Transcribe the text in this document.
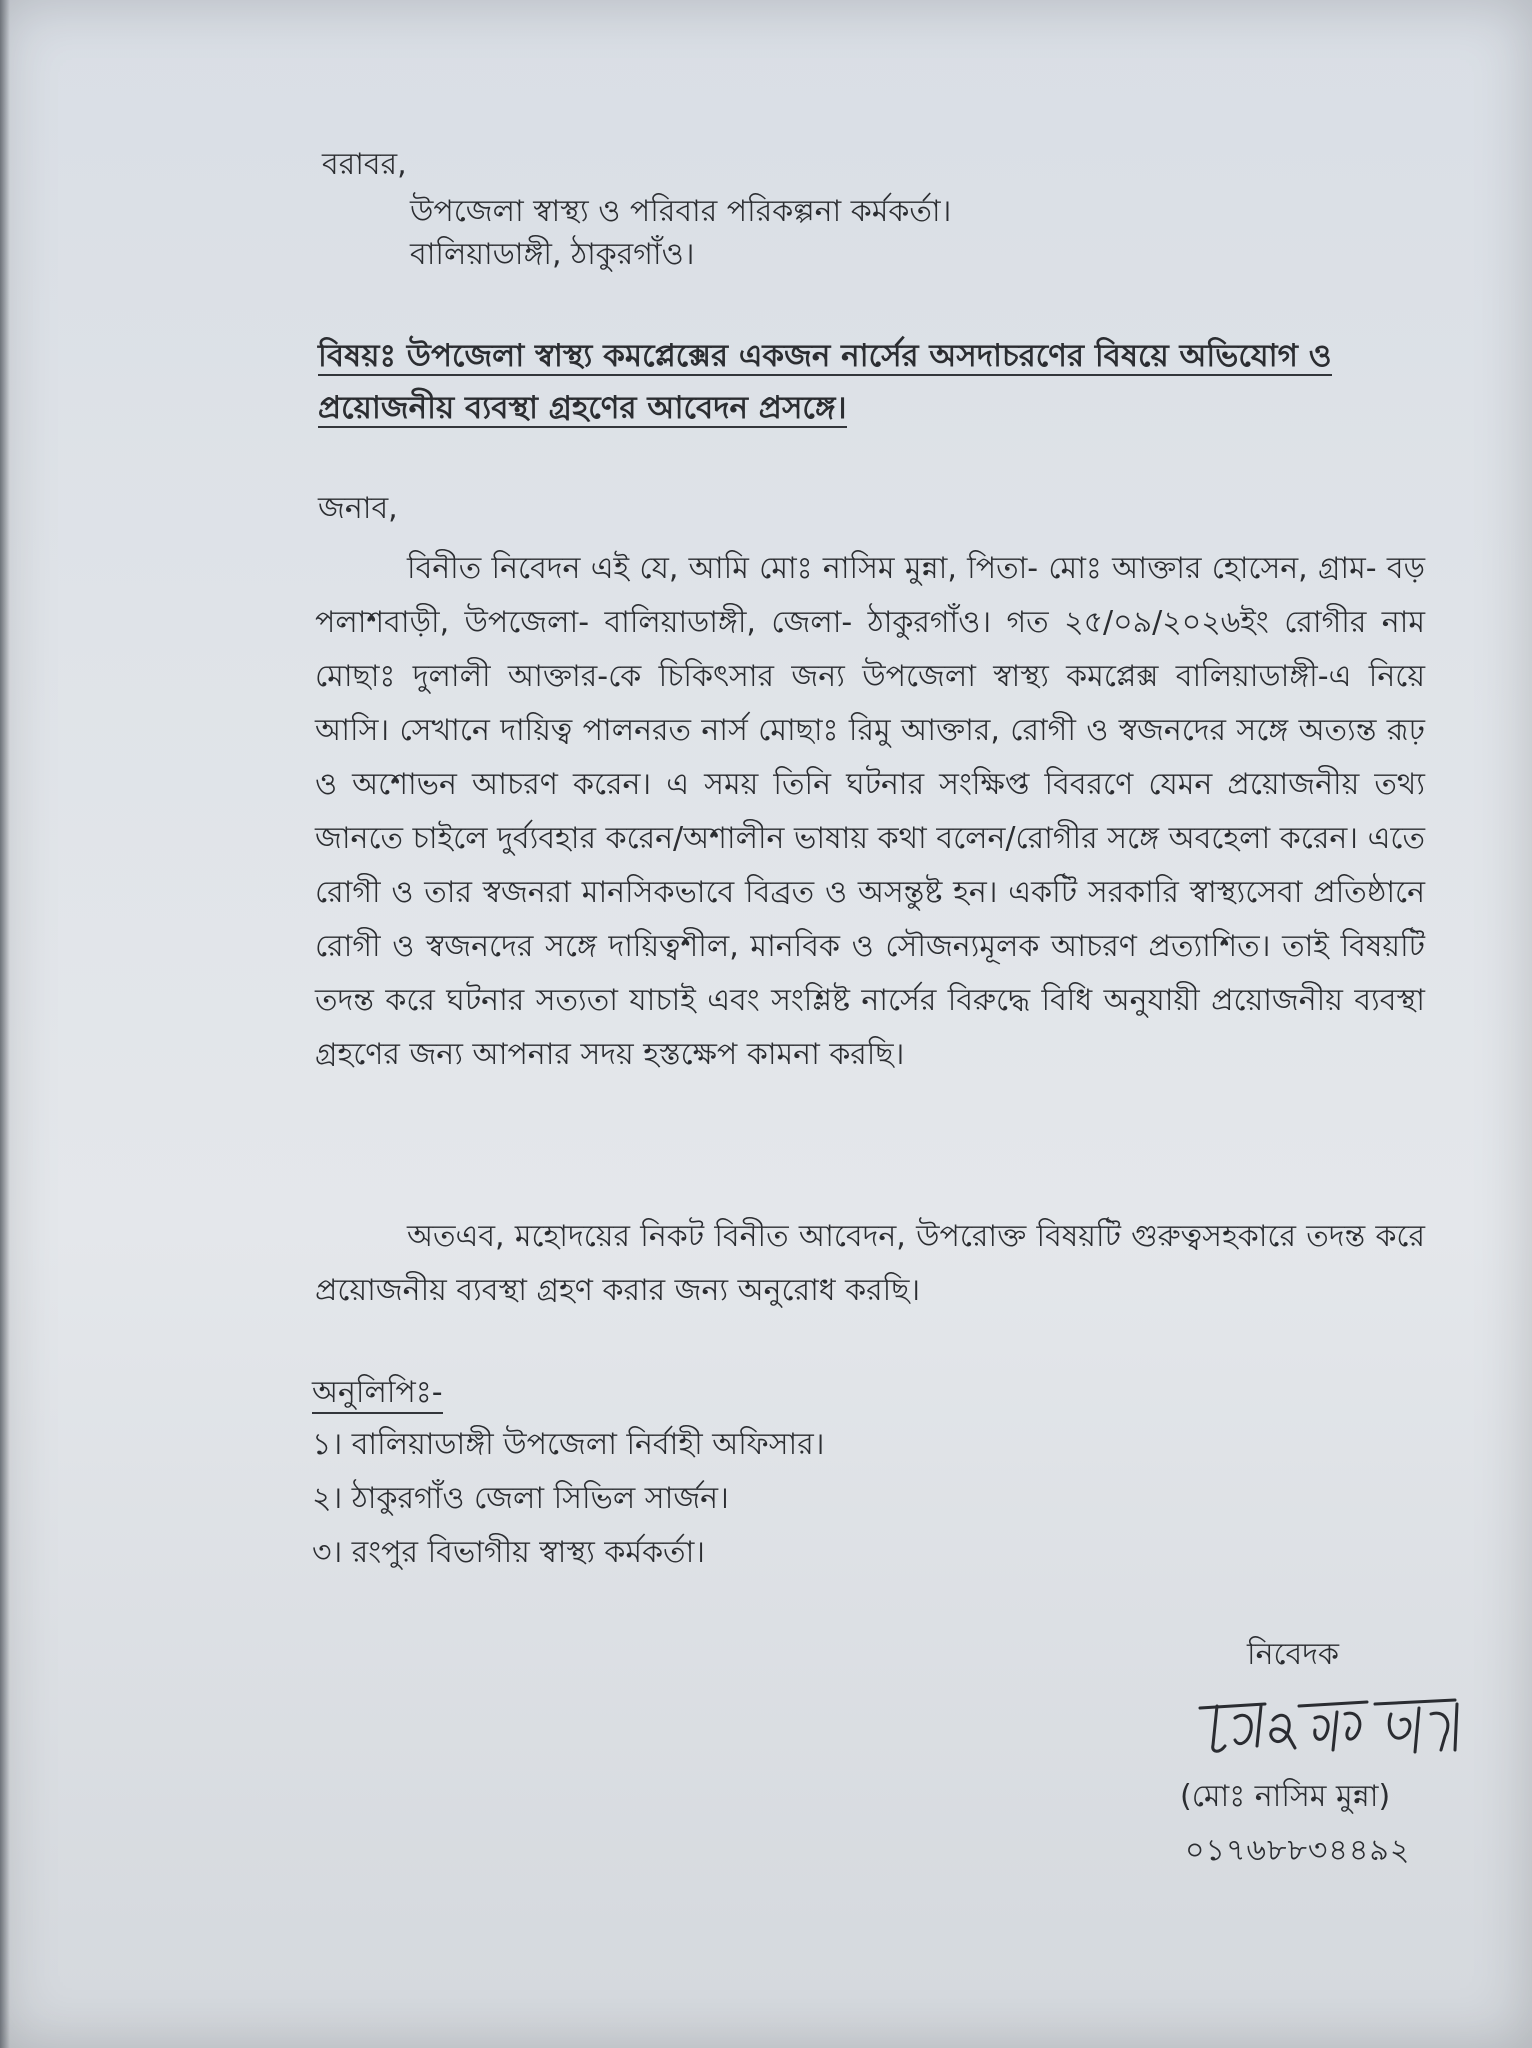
বরাবর,
উপজেলা স্বাস্থ্য ও পরিবার পরিকল্পনা কর্মকর্তা।
বালিয়াডাঙ্গী, ঠাকুরগাঁও।
বিষয়ঃ উপজেলা স্বাস্থ্য কমপ্লেক্সের একজন নার্সের অসদাচরণের বিষয়ে অভিযোগ ও
প্রয়োজনীয় ব্যবস্থা গ্রহণের আবেদন প্রসঙ্গে।
জনাব,
বিনীত নিবেদন এই যে, আমি মোঃ নাসিম মুন্না, পিতা- মোঃ আক্তার হোসেন, গ্রাম- বড় পলাশবাড়ী, উপজেলা- বালিয়াডাঙ্গী, জেলা- ঠাকুরগাঁও। গত ২৫/০৯/২০২৬ইং রোগীর নাম মোছাঃ দুলালী আক্তার-কে চিকিৎসার জন্য উপজেলা স্বাস্থ্য কমপ্লেক্স বালিয়াডাঙ্গী-এ নিয়ে আসি। সেখানে দায়িত্ব পালনরত নার্স মোছাঃ রিমু আক্তার, রোগী ও স্বজনদের সঙ্গে অত্যন্ত রূঢ় ও অশোভন আচরণ করেন। এ সময় তিনি ঘটনার সংক্ষিপ্ত বিবরণে যেমন প্রয়োজনীয় তথ্য জানতে চাইলে দুর্ব্যবহার করেন/অশালীন ভাষায় কথা বলেন/রোগীর সঙ্গে অবহেলা করেন। এতে রোগী ও তার স্বজনরা মানসিকভাবে বিব্রত ও অসন্তুষ্ট হন। একটি সরকারি স্বাস্থ্যসেবা প্রতিষ্ঠানে রোগী ও স্বজনদের সঙ্গে দায়িত্বশীল, মানবিক ও সৌজন্যমূলক আচরণ প্রত্যাশিত। তাই বিষয়টি তদন্ত করে ঘটনার সত্যতা যাচাই এবং সংশ্লিষ্ট নার্সের বিরুদ্ধে বিধি অনুযায়ী প্রয়োজনীয় ব্যবস্থা গ্রহণের জন্য আপনার সদয় হস্তক্ষেপ কামনা করছি।
অতএব, মহোদয়ের নিকট বিনীত আবেদন, উপরোক্ত বিষয়টি গুরুত্বসহকারে তদন্ত করে প্রয়োজনীয় ব্যবস্থা গ্রহণ করার জন্য অনুরোধ করছি।
অনুলিপিঃ-
১। বালিয়াডাঙ্গী উপজেলা নির্বাহী অফিসার।
২। ঠাকুরগাঁও জেলা সিভিল সার্জন।
৩। রংপুর বিভাগীয় স্বাস্থ্য কর্মকর্তা।
নিবেদক
(মোঃ নাসিম মুন্না)
০১৭৬৮৮৩৪৪৯২
